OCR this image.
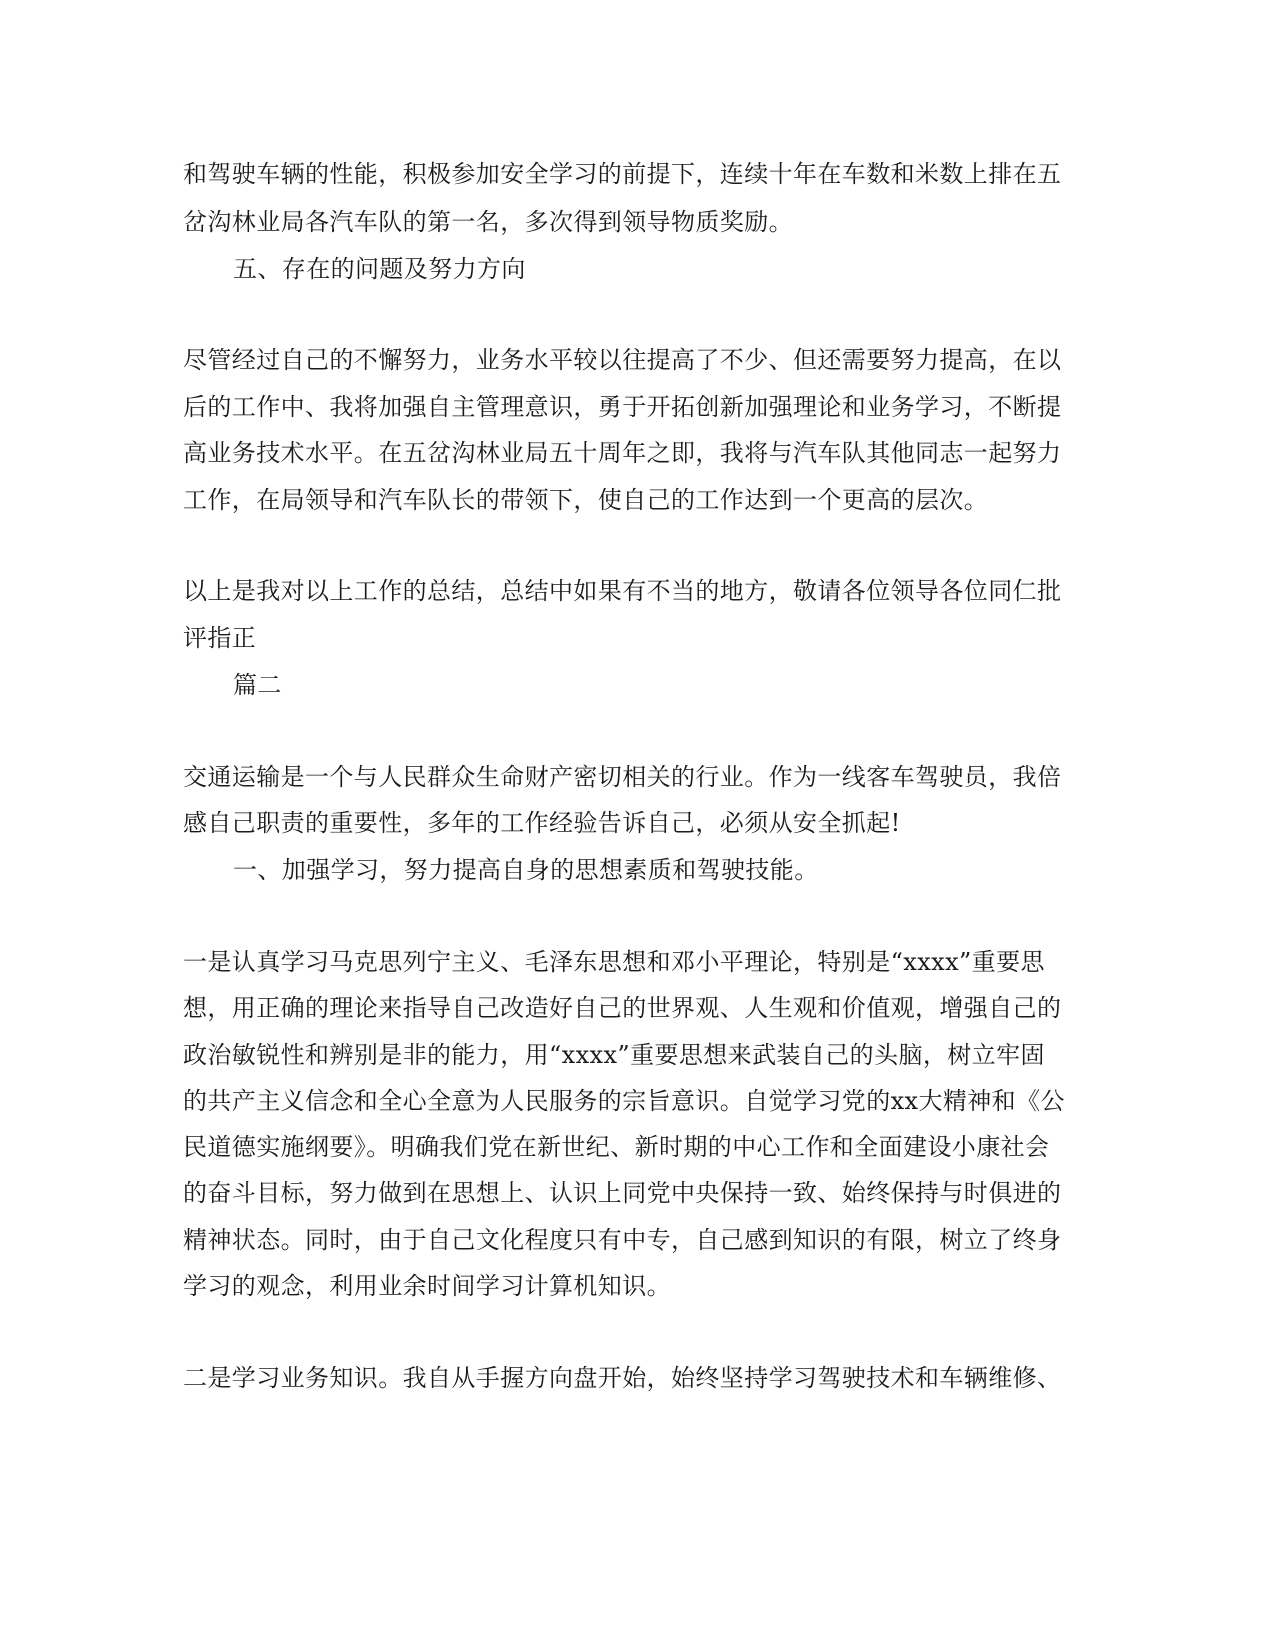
和驾驶车辆的性能，积极参加安全学习的前提下，连续十年在车数和米数上排在五
岔沟林业局各汽车队的第一名，多次得到领导物质奖励。
五、存在的问题及努力方向
尽管经过自己的不懈努力，业务水平较以往提高了不少、但还需要努力提高，在以
后的工作中、我将加强自主管理意识，勇于开拓创新加强理论和业务学习，不断提
高业务技术水平。在五岔沟林业局五十周年之即，我将与汽车队其他同志一起努力
工作，在局领导和汽车队长的带领下，使自己的工作达到一个更高的层次。
以上是我对以上工作的总结，总结中如果有不当的地方，敬请各位领导各位同仁批
评指正
篇二
交通运输是一个与人民群众生命财产密切相关的行业。作为一线客车驾驶员，我倍
感自己职责的重要性，多年的工作经验告诉自己，必须从安全抓起!
一、加强学习，努力提高自身的思想素质和驾驶技能。
一是认真学习马克思列宁主义、毛泽东思想和邓小平理论，特别是“xxxx”重要思
想，用正确的理论来指导自己改造好自己的世界观、人生观和价值观，增强自己的
政治敏锐性和辨别是非的能力，用“xxxx”重要思想来武装自己的头脑，树立牢固
的共产主义信念和全心全意为人民服务的宗旨意识。自觉学习党的xx大精神和《公
民道德实施纲要》。明确我们党在新世纪、新时期的中心工作和全面建设小康社会
的奋斗目标，努力做到在思想上、认识上同党中央保持一致、始终保持与时俱进的
精神状态。同时，由于自己文化程度只有中专，自己感到知识的有限，树立了终身
学习的观念，利用业余时间学习计算机知识。
二是学习业务知识。我自从手握方向盘开始，始终坚持学习驾驶技术和车辆维修、
